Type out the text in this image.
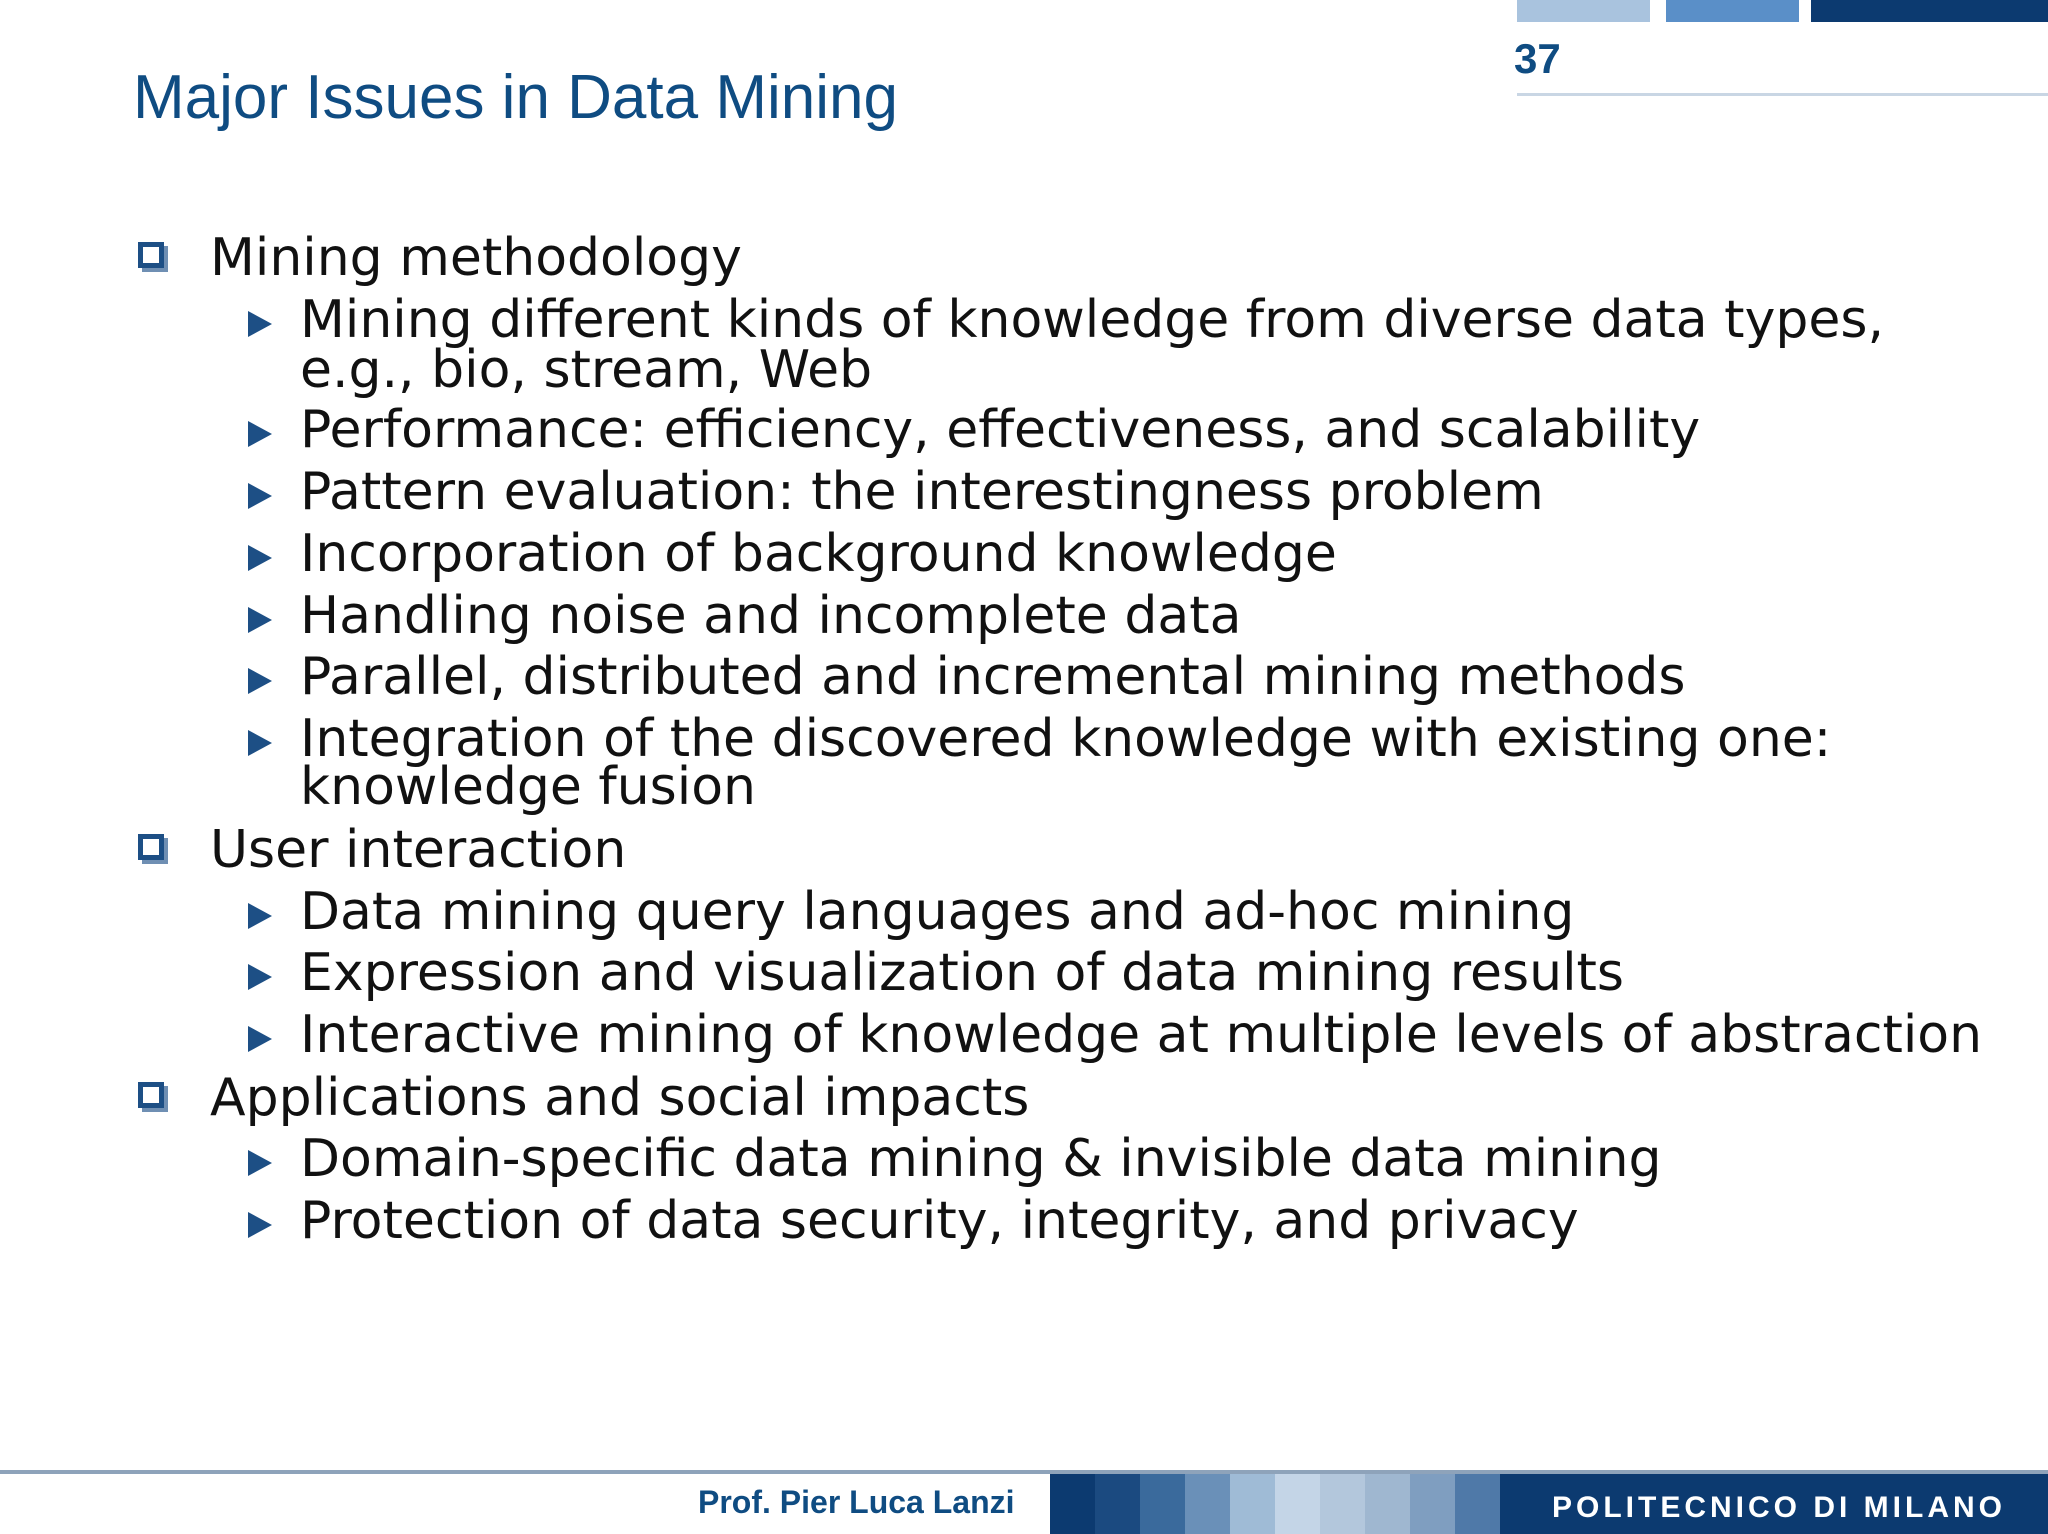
Major Issues in Data Mining
37
Mining methodology
Mining different kinds of knowledge from diverse data types,
e.g., bio, stream, Web
Performance: efficiency, effectiveness, and scalability
Pattern evaluation: the interestingness problem
Incorporation of background knowledge
Handling noise and incomplete data
Parallel, distributed and incremental mining methods
Integration of the discovered knowledge with existing one:
knowledge fusion
User interaction
Data mining query languages and ad-hoc mining
Expression and visualization of data mining results
Interactive mining of knowledge at multiple levels of abstraction
Applications and social impacts
Domain-specific data mining & invisible data mining
Protection of data security, integrity, and privacy
Prof. Pier Luca Lanzi	POLITECNICO DI MILANO
